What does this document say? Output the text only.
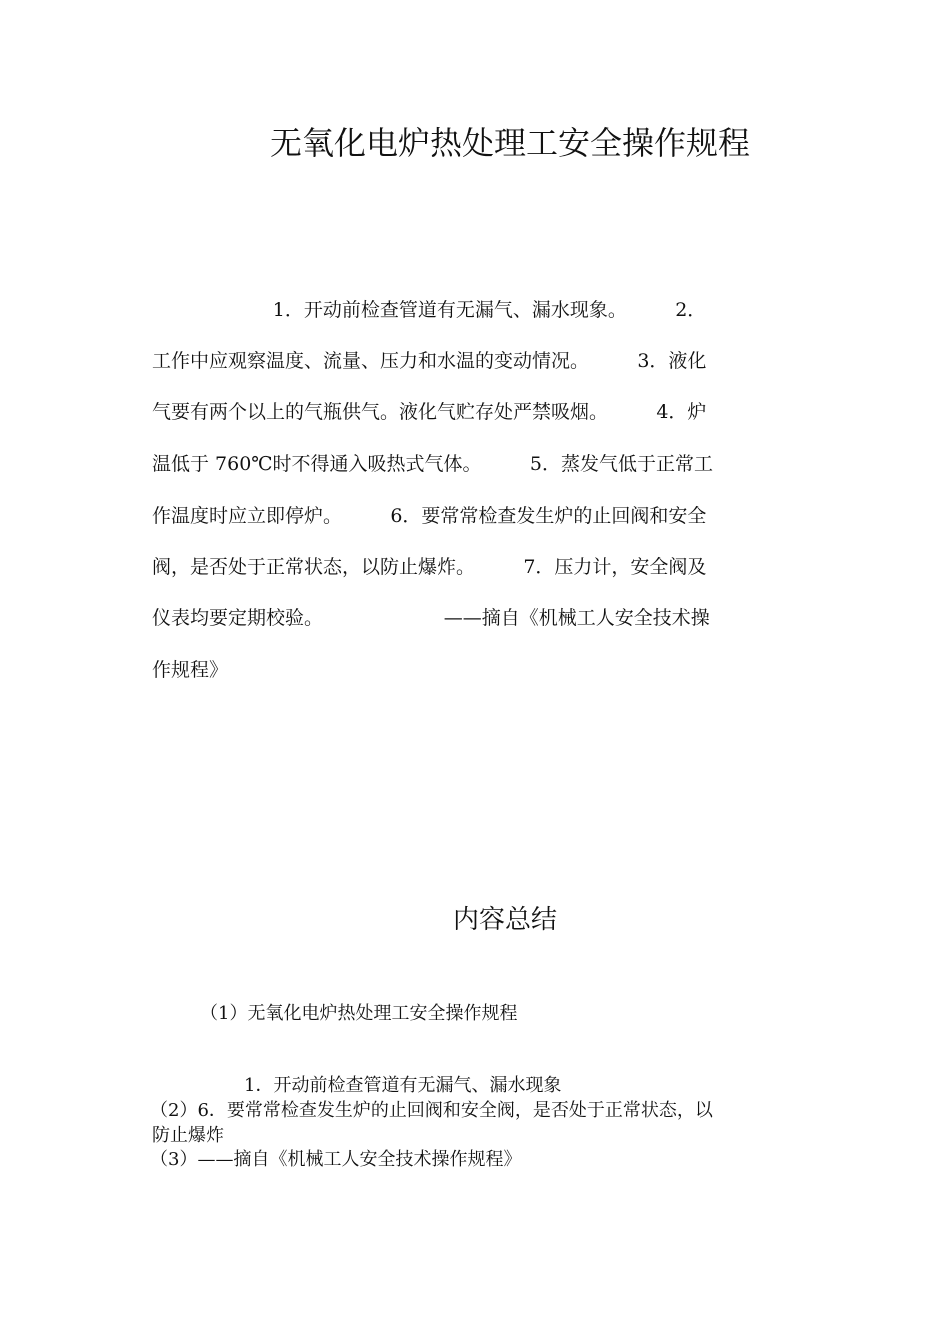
无氧化电炉热处理工安全操作规程
1．开动前检查管道有无漏气、漏水现象。        2．
工作中应观察温度、流量、压力和水温的变动情况。        3．液化
气要有两个以上的气瓶供气。液化气贮存处严禁吸烟。        4．炉
温低于 760℃时不得通入吸热式气体。        5．蒸发气低于正常工
作温度时应立即停炉。        6．要常常检查发生炉的止回阀和安全
阀，是否处于正常状态，以防止爆炸。        7．压力计，安全阀及
仪表均要定期校验。                    ——摘自《机械工人安全技术操
作规程》
内容总结
（1）无氧化电炉热处理工安全操作规程
1．开动前检查管道有无漏气、漏水现象
（2）6．要常常检查发生炉的止回阀和安全阀，是否处于正常状态，以
防止爆炸
（3）——摘自《机械工人安全技术操作规程》
